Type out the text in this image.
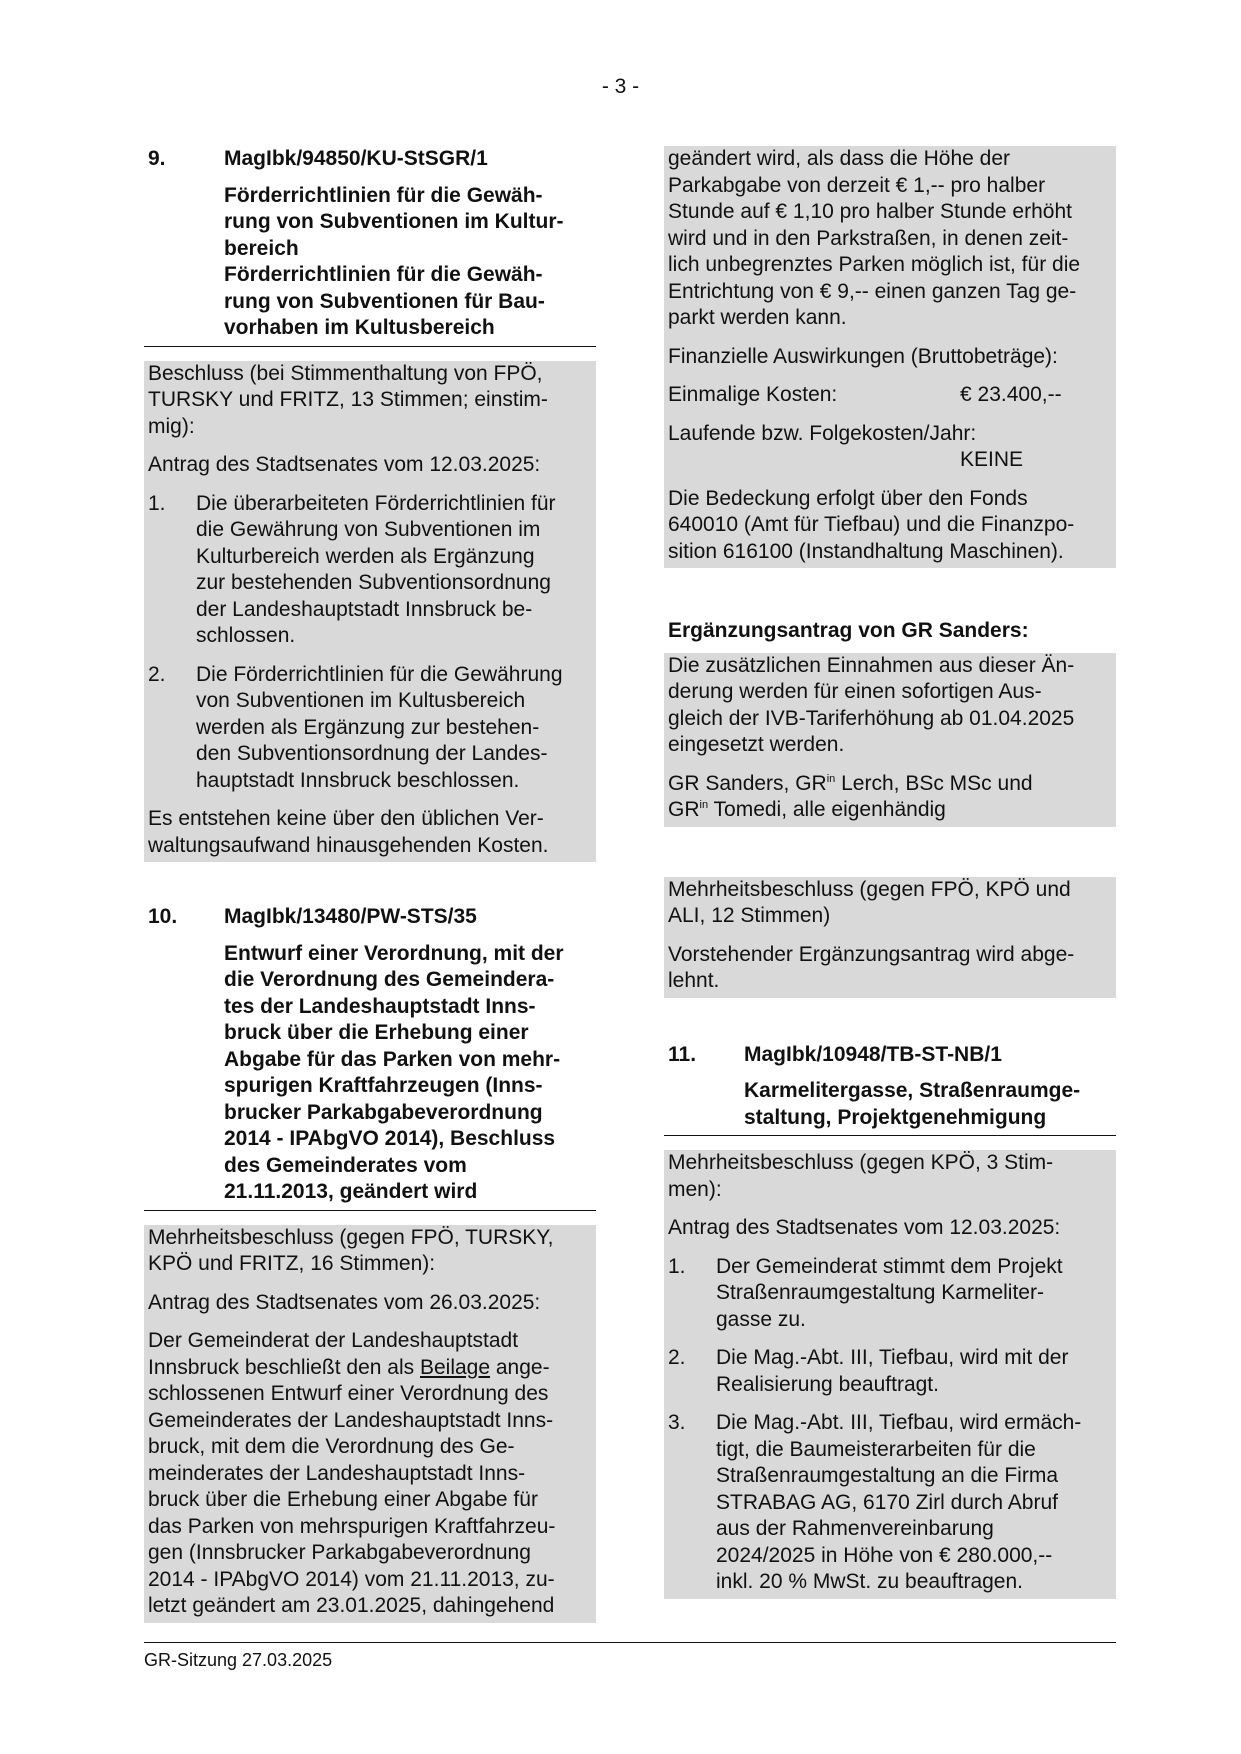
- 3 -
9.	MagIbk/94850/KU-StSGR/1
Förderrichtlinien für die Gewäh-
rung von Subventionen im Kultur-
bereich
Förderrichtlinien für die Gewäh-
rung von Subventionen für Bau-
vorhaben im Kultusbereich

Beschluss (bei Stimmenthaltung von FPÖ,
TURSKY und FRITZ, 13 Stimmen; einstim-
mig):

Antrag des Stadtsenates vom 12.03.2025:

1.	Die überarbeiteten Förderrichtlinien für
die Gewährung von Subventionen im
Kulturbereich werden als Ergänzung
zur bestehenden Subventionsordnung
der Landeshauptstadt Innsbruck be-
schlossen.
2.	Die Förderrichtlinien für die Gewährung
von Subventionen im Kultusbereich
werden als Ergänzung zur bestehen-
den Subventionsordnung der Landes-
hauptstadt Innsbruck beschlossen.

Es entstehen keine über den üblichen Ver-
waltungsaufwand hinausgehenden Kosten.

10.	MagIbk/13480/PW-STS/35
Entwurf einer Verordnung, mit der
die Verordnung des Gemeindera-
tes der Landeshauptstadt Inns-
bruck über die Erhebung einer
Abgabe für das Parken von mehr-
spurigen Kraftfahrzeugen (Inns-
brucker Parkabgabeverordnung
2014 - IPAbgVO 2014), Beschluss
des Gemeinderates vom
21.11.2013, geändert wird

Mehrheitsbeschluss (gegen FPÖ, TURSKY,
KPÖ und FRITZ, 16 Stimmen):

Antrag des Stadtsenates vom 26.03.2025:

Der Gemeinderat der Landeshauptstadt
Innsbruck beschließt den als Beilage ange-
schlossenen Entwurf einer Verordnung des
Gemeinderates der Landeshauptstadt Inns-
bruck, mit dem die Verordnung des Ge-
meinderates der Landeshauptstadt Inns-
bruck über die Erhebung einer Abgabe für
das Parken von mehrspurigen Kraftfahrzeu-
gen (Innsbrucker Parkabgabeverordnung
2014 - IPAbgVO 2014) vom 21.11.2013, zu-
letzt geändert am 23.01.2025, dahingehend

geändert wird, als dass die Höhe der
Parkabgabe von derzeit € 1,-- pro halber
Stunde auf € 1,10 pro halber Stunde erhöht
wird und in den Parkstraßen, in denen zeit-
lich unbegrenztes Parken möglich ist, für die
Entrichtung von € 9,-- einen ganzen Tag ge-
parkt werden kann.

Finanzielle Auswirkungen (Bruttobeträge):

Einmalige Kosten:	€ 23.400,--

Laufende bzw. Folgekosten/Jahr:
KEINE

Die Bedeckung erfolgt über den Fonds
640010 (Amt für Tiefbau) und die Finanzpo-
sition 616100 (Instandhaltung Maschinen).

Ergänzungsantrag von GR Sanders:

Die zusätzlichen Einnahmen aus dieser Än-
derung werden für einen sofortigen Aus-
gleich der IVB-Tariferhöhung ab 01.04.2025
eingesetzt werden.

GR Sanders, $GR^{in}$ Lerch, BSc MSc und
$GR^{in}$ Tomedi, alle eigenhändig

Mehrheitsbeschluss (gegen FPÖ, KPÖ und
ALI, 12 Stimmen)

Vorstehender Ergänzungsantrag wird abge-
lehnt.

11.	MagIbk/10948/TB-ST-NB/1
Karmelitergasse, Straßenraumge-
staltung, Projektgenehmigung

Mehrheitsbeschluss (gegen KPÖ, 3 Stim-
men):

Antrag des Stadtsenates vom 12.03.2025:

1.	Der Gemeinderat stimmt dem Projekt
Straßenraumgestaltung Karmeliter-
gasse zu.
2.	Die Mag.-Abt. III, Tiefbau, wird mit der
Realisierung beauftragt.
3.	Die Mag.-Abt. III, Tiefbau, wird ermäch-
tigt, die Baumeisterarbeiten für die
Straßenraumgestaltung an die Firma
STRABAG AG, 6170 Zirl durch Abruf
aus der Rahmenvereinbarung
2024/2025 in Höhe von € 280.000,--
inkl. 20 % MwSt. zu beauftragen.
GR-Sitzung 27.03.2025
